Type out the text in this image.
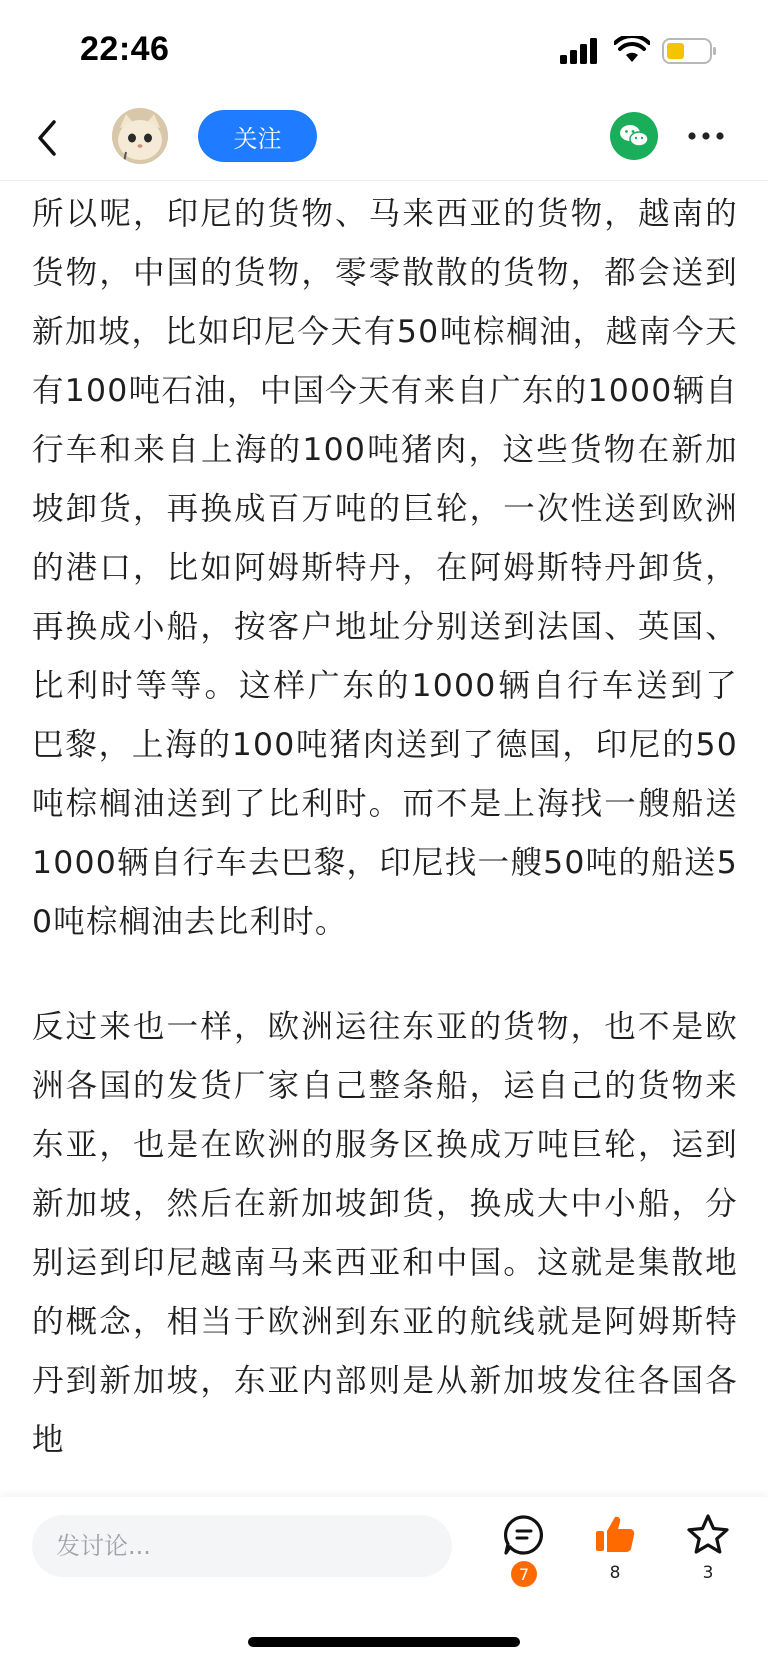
22:46
关注

所以呢，印尼的货物、马来西亚的货物，越南的货物，中国的货物，零零散散的货物，都会送到新加坡，比如印尼今天有50吨棕榈油，越南今天有100吨石油，中国今天有来自广东的1000辆自行车和来自上海的100吨猪肉，这些货物在新加坡卸货，再换成百万吨的巨轮，一次性送到欧洲的港口，比如阿姆斯特丹，在阿姆斯特丹卸货，再换成小船，按客户地址分别送到法国、英国、比利时等等。这样广东的1000辆自行车送到了巴黎，上海的100吨猪肉送到了德国，印尼的50吨棕榈油送到了比利时。而不是上海找一艘船送1000辆自行车去巴黎，印尼找一艘50吨的船送50吨棕榈油去比利时。

反过来也一样，欧洲运往东亚的货物，也不是欧洲各国的发货厂家自己整条船，运自己的货物来东亚，也是在欧洲的服务区换成万吨巨轮，运到新加坡，然后在新加坡卸货，换成大中小船，分别运到印尼越南马来西亚和中国。这就是集散地的概念，相当于欧洲到东亚的航线就是阿姆斯特丹到新加坡，东亚内部则是从新加坡发往各国各地

发讨论...
7	8	3
